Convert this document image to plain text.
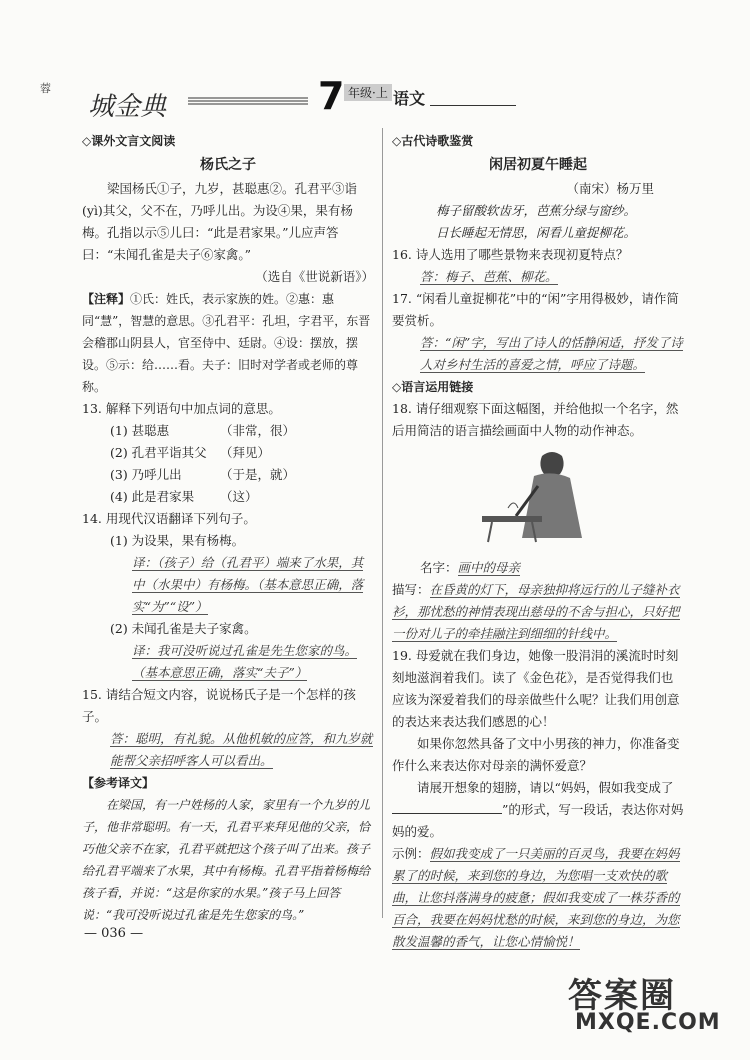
蓉
城金典	7 年级·上 语文
◇课外文言文阅读
杨氏之子
梁国杨氏①子，九岁，甚聪惠②。孔君平③诣(yì)其父，父不在，乃呼儿出。为设④果，果有杨梅。孔指以示⑤儿曰：“此是君家果。”儿应声答曰：“未闻孔雀是夫子⑥家禽。”
（选自《世说新语》）
【注释】①氏：姓氏，表示家族的姓。②惠：惠同“慧”，智慧的意思。③孔君平：孔坦，字君平，东晋会稽郡山阴县人，官至侍中、廷尉。④设：摆放，摆设。⑤示：给……看。夫子：旧时对学者或老师的尊称。
13. 解释下列语句中加点词的意思。
(1) 甚聪惠	（非常，很）
(2) 孔君平诣其父	（拜见）
(3) 乃呼儿出	（于是，就）
(4) 此是君家果	（这）
14. 用现代汉语翻译下列句子。
(1) 为设果，果有杨梅。
译：（孩子）给（孔君平）端来了水果，其中（水果中）有杨梅。（基本意思正确，落实“为”“设”）
(2) 未闻孔雀是夫子家禽。
译：我可没听说过孔雀是先生您家的鸟。（基本意思正确，落实“夫子”）
15. 请结合短文内容，说说杨氏子是一个怎样的孩子。
答：聪明，有礼貌。从他机敏的应答，和九岁就能帮父亲招呼客人可以看出。
【参考译文】
在梁国，有一户姓杨的人家，家里有一个九岁的儿子，他非常聪明。有一天，孔君平来拜见他的父亲，恰巧他父亲不在家，孔君平就把这个孩子叫了出来。孩子给孔君平端来了水果，其中有杨梅。孔君平指着杨梅给孩子看，并说：“这是你家的水果。”孩子马上回答说：“我可没听说过孔雀是先生您家的鸟。”
— 036 —
◇古代诗歌鉴赏
闲居初夏午睡起
（南宋）杨万里
梅子留酸软齿牙，芭蕉分绿与窗纱。
日长睡起无情思，闲看儿童捉柳花。
16. 诗人选用了哪些景物来表现初夏特点？
答：梅子、芭蕉、柳花。
17. “闲看儿童捉柳花”中的“闲”字用得极妙，请作简要赏析。
答：“闲”字，写出了诗人的恬静闲适，抒发了诗人对乡村生活的喜爱之情，呼应了诗题。
◇语言运用链接
18. 请仔细观察下面这幅图，并给他拟一个名字，然后用简洁的语言描绘画面中人物的动作神态。
名字：画中的母亲
描写：在昏黄的灯下，母亲独抑将远行的儿子缝补衣衫，那忧愁的神情表现出慈母的不舍与担心，只好把一份对儿子的牵挂融注到细细的针线中。
19. 母爱就在我们身边，她像一股涓涓的溪流时时刻刻地滋润着我们。读了《金色花》，是否觉得我们也应该为深爱着我们的母亲做些什么呢？让我们用创意的表达来表达我们感恩的心！
如果你忽然具备了文中小男孩的神力，你准备变作什么来表达你对母亲的满怀爱意？
请展开想象的翅膀，请以“妈妈，假如我变成了”的形式，写一段话，表达你对妈妈的爱。
示例：假如我变成了一只美丽的百灵鸟，我要在妈妈累了的时候，来到您的身边，为您唱一支欢快的歌曲，让您抖落满身的疲惫；假如我变成了一株芬香的百合，我要在妈妈忧愁的时候，来到您的身边，为您散发温馨的香气，让您心情愉悦！
答案圈
MXQE.COM
